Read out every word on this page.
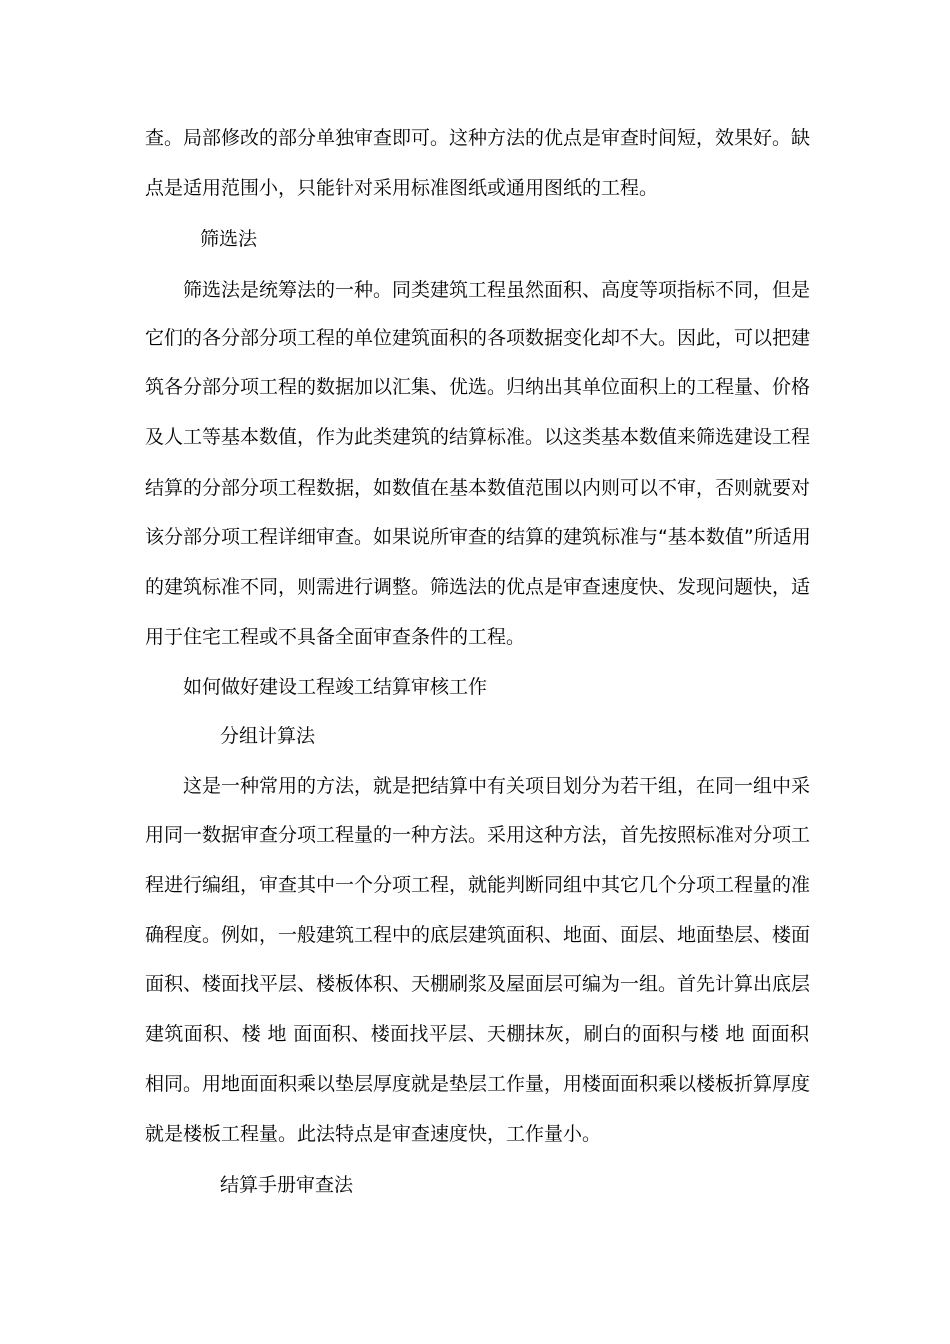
查。局部修改的部分单独审查即可。这种方法的优点是审查时间短，效果好。缺
点是适用范围小，只能针对采用标准图纸或通用图纸的工程。
筛选法
筛选法是统筹法的一种。同类建筑工程虽然面积、高度等项指标不同，但是
它们的各分部分项工程的单位建筑面积的各项数据变化却不大。因此，可以把建
筑各分部分项工程的数据加以汇集、优选。归纳出其单位面积上的工程量、价格
及人工等基本数值，作为此类建筑的结算标准。以这类基本数值来筛选建设工程
结算的分部分项工程数据，如数值在基本数值范围以内则可以不审，否则就要对
该分部分项工程详细审查。如果说所审查的结算的建筑标准与“基本数值”所适用
的建筑标准不同，则需进行调整。筛选法的优点是审查速度快、发现问题快，适
用于住宅工程或不具备全面审查条件的工程。
如何做好建设工程竣工结算审核工作
分组计算法
这是一种常用的方法，就是把结算中有关项目划分为若干组，在同一组中采
用同一数据审查分项工程量的一种方法。采用这种方法，首先按照标准对分项工
程进行编组，审查其中一个分项工程，就能判断同组中其它几个分项工程量的准
确程度。例如，一般建筑工程中的底层建筑面积、地面、面层、地面垫层、楼面
面积、楼面找平层、楼板体积、天棚刷浆及屋面层可编为一组。首先计算出底层
建筑面积、楼 地 面面积、楼面找平层、天棚抹灰，刷白的面积与楼 地 面面积
相同。用地面面积乘以垫层厚度就是垫层工作量，用楼面面积乘以楼板折算厚度
就是楼板工程量。此法特点是审查速度快，工作量小。
结算手册审查法
